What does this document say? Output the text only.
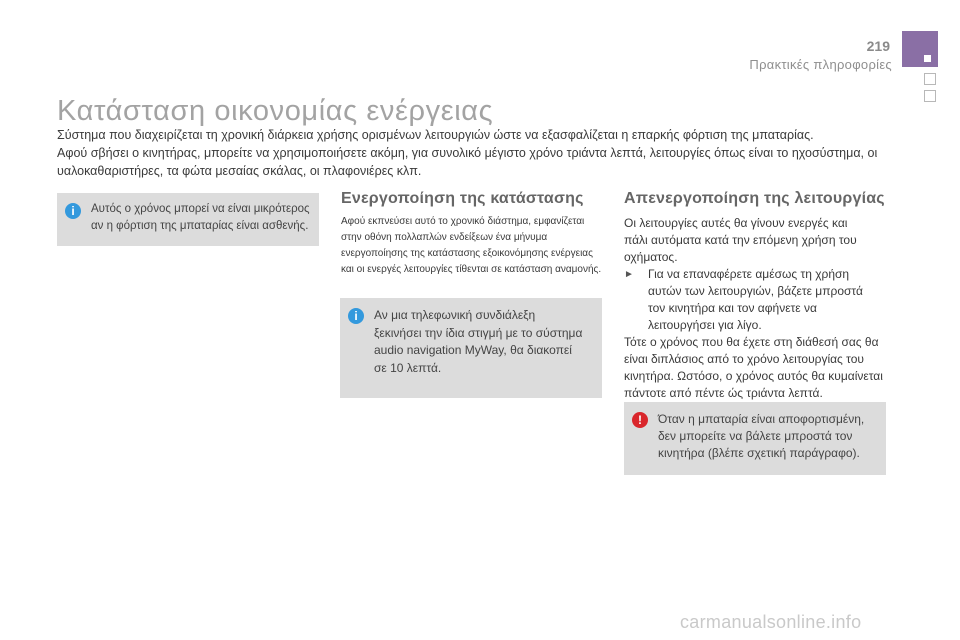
219
Πρακτικές πληροφορίες
Κατάσταση οικονομίας ενέργειας

Σύστημα που διαχειρίζεται τη χρονική διάρκεια χρήσης ορισμένων λειτουργιών ώστε να εξασφαλίζεται η επαρκής φόρτιση της μπαταρίας.

Αφού σβήσει ο κινητήρας, μπορείτε να χρησιμοποιήσετε ακόμη, για συνολικό μέγιστο χρόνο τριάντα λεπτά, λειτουργίες όπως είναι το ηχοσύστημα, οι

υαλοκαθαριστήρες, τα φώτα μεσαίας σκάλας, οι πλαφονιέρες κλπ.

i	Αυτός ο χρόνος μπορεί να είναι μικρότερος
αν η φόρτιση της μπαταρίας είναι ασθενής.
Ενεργοποίηση της κατάστασης

Αφού εκπνεύσει αυτό το χρονικό διάστημα, εμφανίζεται

στην οθόνη πολλαπλών ενδείξεων ένα μήνυμα

ενεργοποίησης της κατάστασης εξοικονόμησης ενέργειας

και οι ενεργές λειτουργίες τίθενται σε κατάσταση αναμονής.

i	Αν μια τηλεφωνική συνδιάλεξη
ξεκινήσει την ίδια στιγμή με το σύστημα
audio navigation MyWay, θα διακοπεί
σε 10 λεπτά.
Απενεργοποίηση της λειτουργίας

Οι λειτουργίες αυτές θα γίνουν ενεργές και

πάλι αυτόματα κατά την επόμενη χρήση του

οχήματος.

► Για να επαναφέρετε αμέσως τη χρήση

αυτών των λειτουργιών, βάζετε μπροστά

τον κινητήρα και τον αφήνετε να

λειτουργήσει για λίγο.

Τότε ο χρόνος που θα έχετε στη διάθεσή σας θα

είναι διπλάσιος από το χρόνο λειτουργίας του

κινητήρα. Ωστόσο, ο χρόνος αυτός θα κυμαίνεται

πάντοτε από πέντε ώς τριάντα λεπτά.

!	Όταν η μπαταρία είναι αποφορτισμένη,
δεν μπορείτε να βάλετε μπροστά τον
κινητήρα (βλέπε σχετική παράγραφο).
carmanualsonline.info
